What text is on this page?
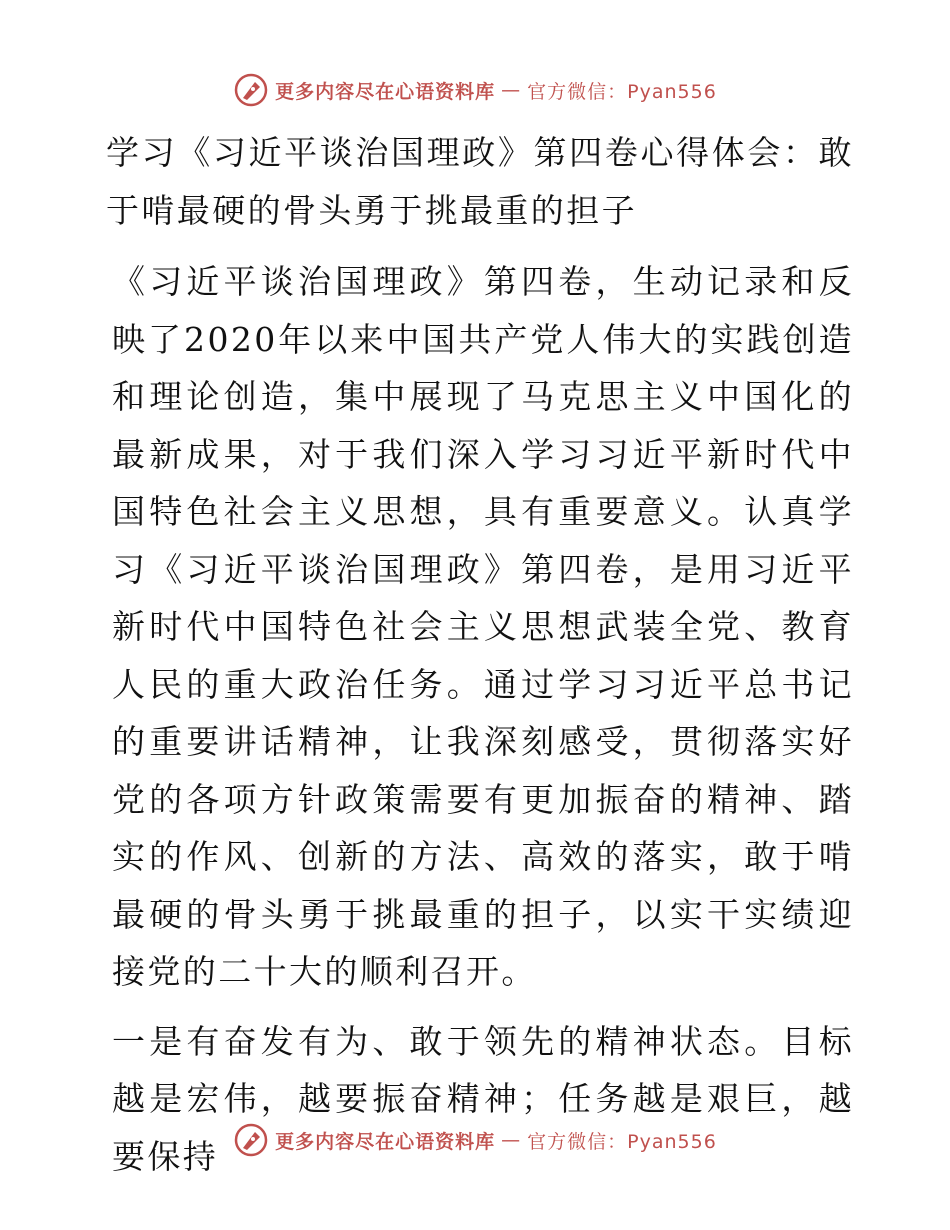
更多内容尽在心语资料库 — 官方微信：Pyan556

学习《习近平谈治国理政》第四卷心得体会：敢于啃最硬的骨头勇于挑最重的担子

《习近平谈治国理政》第四卷，生动记录和反映了2020年以来中国共产党人伟大的实践创造和理论创造，集中展现了马克思主义中国化的最新成果，对于我们深入学习习近平新时代中国特色社会主义思想，具有重要意义。认真学习《习近平谈治国理政》第四卷，是用习近平新时代中国特色社会主义思想武装全党、教育人民的重大政治任务。通过学习习近平总书记的重要讲话精神，让我深刻感受，贯彻落实好党的各项方针政策需要有更加振奋的精神、踏实的作风、创新的方法、高效的落实，敢于啃最硬的骨头勇于挑最重的担子，以实干实绩迎接党的二十大的顺利召开。

一是有奋发有为、敢于领先的精神状态。目标越是宏伟，越要振奋精神；任务越是艰巨，越要保持	更多内容尽在心语资料库 — 官方微信：Pyan556
